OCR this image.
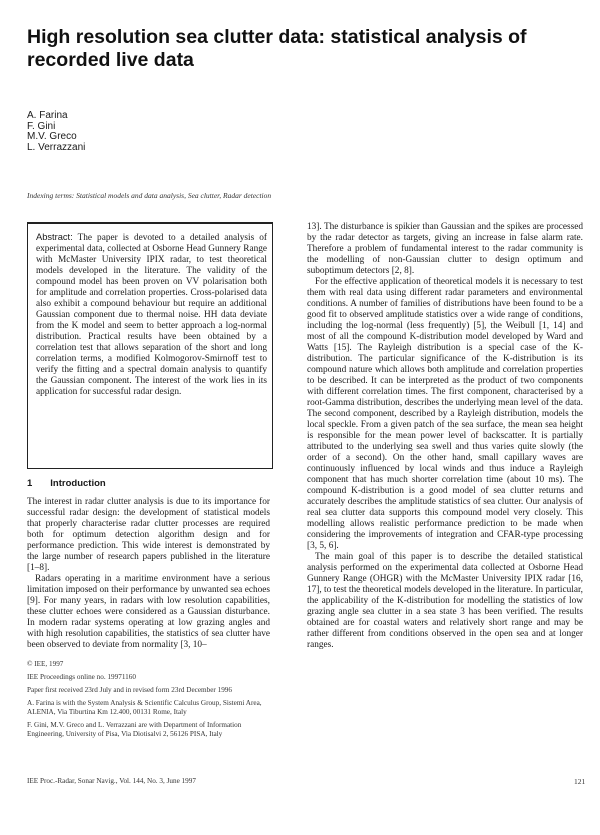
High resolution sea clutter data: statistical analysis of recorded live data
A. Farina
F. Gini
M.V. Greco
L. Verrazzani
Indexing terms: Statistical models and data analysis, Sea clutter, Radar detection
Abstract: The paper is devoted to a detailed analysis of experimental data, collected at Osborne Head Gunnery Range with McMaster University IPIX radar, to test theoretical models developed in the literature. The validity of the compound model has been proven on VV polarisation both for amplitude and correlation properties. Cross-polarised data also exhibit a compound behaviour but require an additional Gaussian component due to thermal noise. HH data deviate from the K model and seem to better approach a log-normal distribution. Practical results have been obtained by a correlation test that allows separation of the short and long correlation terms, a modified Kolmogorov-Smirnoff test to verify the fitting and a spectral domain analysis to quantify the Gaussian component. The interest of the work lies in its application for successful radar design.
1 Introduction

The interest in radar clutter analysis is due to its importance for successful radar design: the development of statistical models that properly characterise radar clutter processes are required both for optimum detection algorithm design and for performance prediction. This wide interest is demonstrated by the large number of research papers published in the literature [1–8].

Radars operating in a maritime environment have a serious limitation imposed on their performance by unwanted sea echoes [9]. For many years, in radars with low resolution capabilities, these clutter echoes were considered as a Gaussian disturbance. In modern radar systems operating at low grazing angles and with high resolution capabilities, the statistics of sea clutter have been observed to deviate from normality [3, 10–

© IEE, 1997
IEE Proceedings online no. 19971160
Paper first received 23rd July and in revised form 23rd December 1996
A. Farina is with the System Analysis & Scientific Calculus Group, Sistemi Area, ALENIA, Via Tiburtina Km 12.400, 00131 Rome, Italy
F. Gini, M.V. Greco and L. Verrazzani are with Department of Information Engineering, University of Pisa, Via Diotisalvi 2, 56126 PISA, Italy

13]. The disturbance is spikier than Gaussian and the spikes are processed by the radar detector as targets, giving an increase in false alarm rate. Therefore a problem of fundamental interest to the radar community is the modelling of non-Gaussian clutter to design optimum and suboptimum detectors [2, 8].

For the effective application of theoretical models it is necessary to test them with real data using different radar parameters and environmental conditions. A number of families of distributions have been found to be a good fit to observed amplitude statistics over a wide range of conditions, including the log-normal (less frequently) [5], the Weibull [1, 14] and most of all the compound K-distribution model developed by Ward and Watts [15]. The Rayleigh distribution is a special case of the K-distribution. The particular significance of the K-distribution is its compound nature which allows both amplitude and correlation properties to be described. It can be interpreted as the product of two components with different correlation times. The first component, characterised by a root-Gamma distribution, describes the underlying mean level of the data. The second component, described by a Rayleigh distribution, models the local speckle. From a given patch of the sea surface, the mean sea height is responsible for the mean power level of backscatter. It is partially attributed to the underlying sea swell and thus varies quite slowly (the order of a second). On the other hand, small capillary waves are continuously influenced by local winds and thus induce a Rayleigh component that has much shorter correlation time (about 10 ms). The compound K-distribution is a good model of sea clutter returns and accurately describes the amplitude statistics of sea clutter. Our analysis of real sea clutter data supports this compound model very closely. This modelling allows realistic performance prediction to be made when considering the improvements of integration and CFAR-type processing [3, 5, 6].

The main goal of this paper is to describe the detailed statistical analysis performed on the experimental data collected at Osborne Head Gunnery Range (OHGR) with the McMaster University IPIX radar [16, 17], to test the theoretical models developed in the literature. In particular, the applicability of the K-distribution for modelling the statistics of low grazing angle sea clutter in a sea state 3 has been verified. The results obtained are for coastal waters and relatively short range and may be rather different from conditions observed in the open sea and at longer ranges.

IEE Proc.-Radar, Sonar Navig., Vol. 144, No. 3, June 1997	121
